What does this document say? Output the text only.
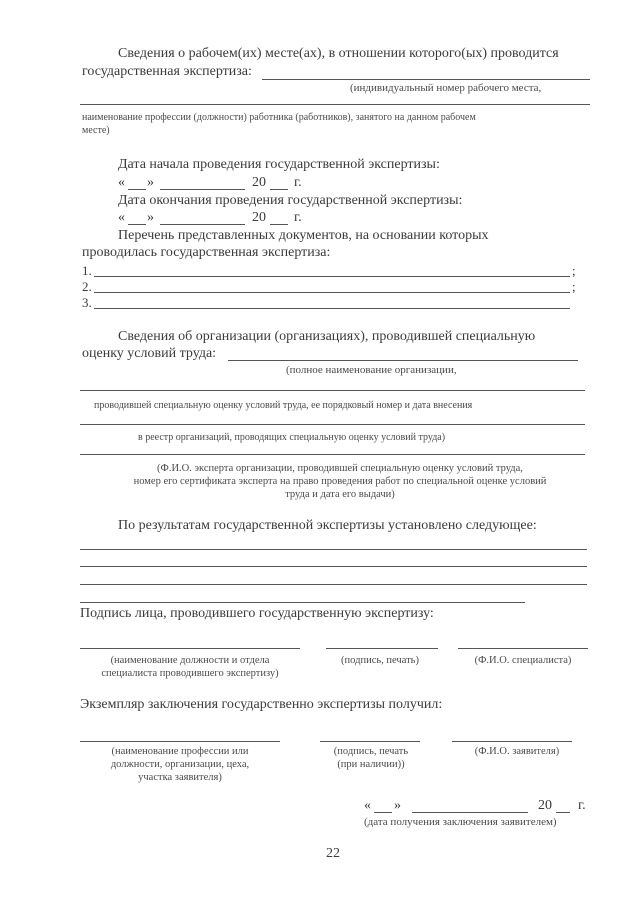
Сведения о рабочем(их) месте(ах), в отношении которого(ых) проводится
государственная экспертиза:
(индивидуальный номер рабочего места,
наименование профессии (должности) работника (работников), занятого на данном рабочем
месте)
Дата начала проведения государственной экспертизы:
« »	20 г.
Дата окончания проведения государственной экспертизы:
« »	20 г.
Перечень представленных документов, на основании которых
проводилась государственная экспертиза:
1.	;
2.	;
3.
Сведения об организации (организациях), проводившей специальную
оценку условий труда:
(полное наименование организации,
проводившей специальную оценку условий труда, ее порядковый номер и дата внесения
в реестр организаций, проводящих специальную оценку условий труда)
(Ф.И.О. эксперта организации, проводившей специальную оценку условий труда,
номер его сертификата эксперта на право проведения работ по специальной оценке условий
труда и дата его выдачи)
По результатам государственной экспертизы установлено следующее:
Подпись лица, проводившего государственную экспертизу:
(наименование должности и отдела
специалиста проводившего экспертизу)
(подпись, печать)	(Ф.И.О. специалиста)
Экземпляр заключения государственно экспертизы получил:
(наименование профессии или
должности, организации, цеха,
участка заявителя)
(подпись, печать
(при наличии))
(Ф.И.О. заявителя)
« »	20 г.
(дата получения заключения заявителем)
22
